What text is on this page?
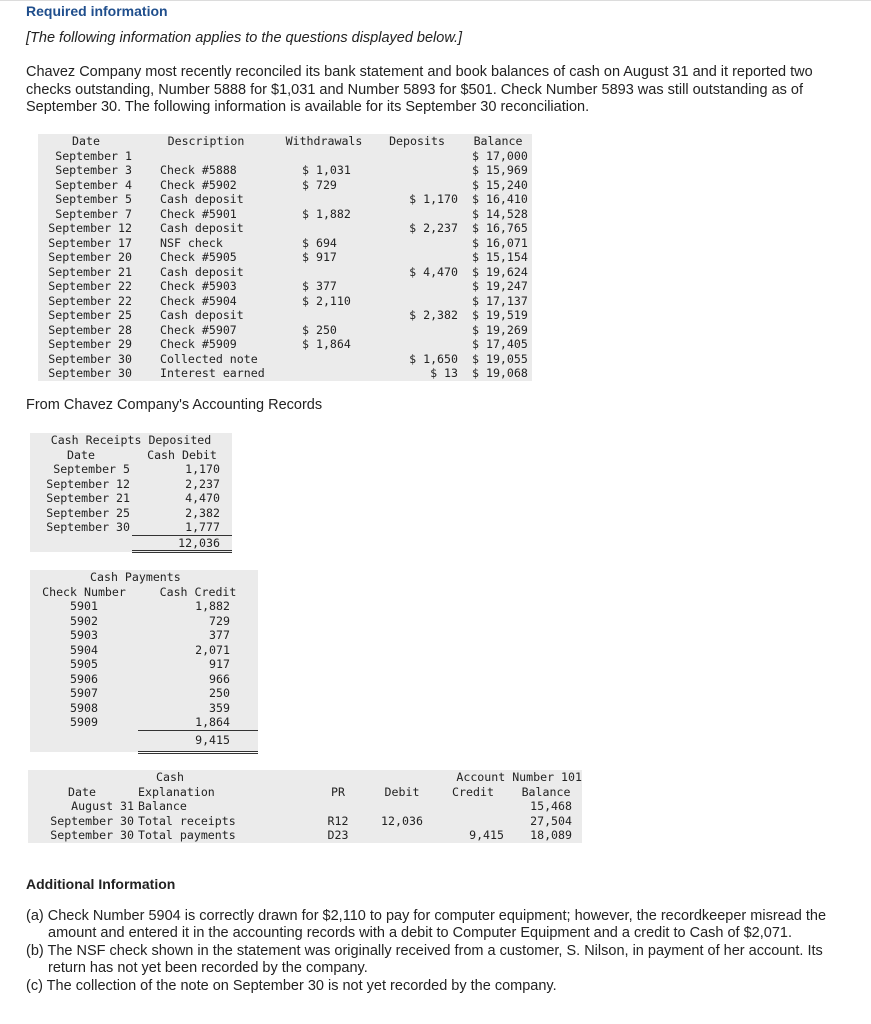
Required information
[The following information applies to the questions displayed below.]
Chavez Company most recently reconciled its bank statement and book balances of cash on August 31 and it reported two checks outstanding, Number 5888 for $1,031 and Number 5893 for $501. Check Number 5893 was still outstanding as of September 30. The following information is available for its September 30 reconciliation.
Date	Description	Withdrawals	Deposits	Balance
September 1				$ 17,000
September 3	Check #5888	$ 1,031		$ 15,969
September 4	Check #5902	$ 729		$ 15,240
September 5	Cash deposit		$ 1,170	$ 16,410
September 7	Check #5901	$ 1,882		$ 14,528
September 12	Cash deposit		$ 2,237	$ 16,765
September 17	NSF check	$ 694		$ 16,071
September 20	Check #5905	$ 917		$ 15,154
September 21	Cash deposit		$ 4,470	$ 19,624
September 22	Check #5903	$ 377		$ 19,247
September 22	Check #5904	$ 2,110		$ 17,137
September 25	Cash deposit		$ 2,382	$ 19,519
September 28	Check #5907	$ 250		$ 19,269
September 29	Check #5909	$ 1,864		$ 17,405
September 30	Collected note		$ 1,650	$ 19,055
September 30	Interest earned		$ 13	$ 19,068
From Chavez Company's Accounting Records
Cash Receipts Deposited	
Date	Cash Debit
September 5	1,170
September 12	2,237
September 21	4,470
September 25	2,382
September 30	1,777
	12,036
Cash Payments	
Check Number	Cash Credit
5901	1,882
5902	729
5903	377
5904	2,071
5905	917
5906	966
5907	250
5908	359
5909	1,864
	9,415
	Cash			Account Number 101	
Date	Explanation	PR	Debit	Credit	Balance
August 31	Balance				15,468
September 30	Total receipts	R12	12,036		27,504
September 30	Total payments	D23		9,415	18,089
Additional Information
(a) Check Number 5904 is correctly drawn for $2,110 to pay for computer equipment; however, the recordkeeper misread the amount and entered it in the accounting records with a debit to Computer Equipment and a credit to Cash of $2,071.
(b) The NSF check shown in the statement was originally received from a customer, S. Nilson, in payment of her account. Its return has not yet been recorded by the company.
(c) The collection of the note on September 30 is not yet recorded by the company.
